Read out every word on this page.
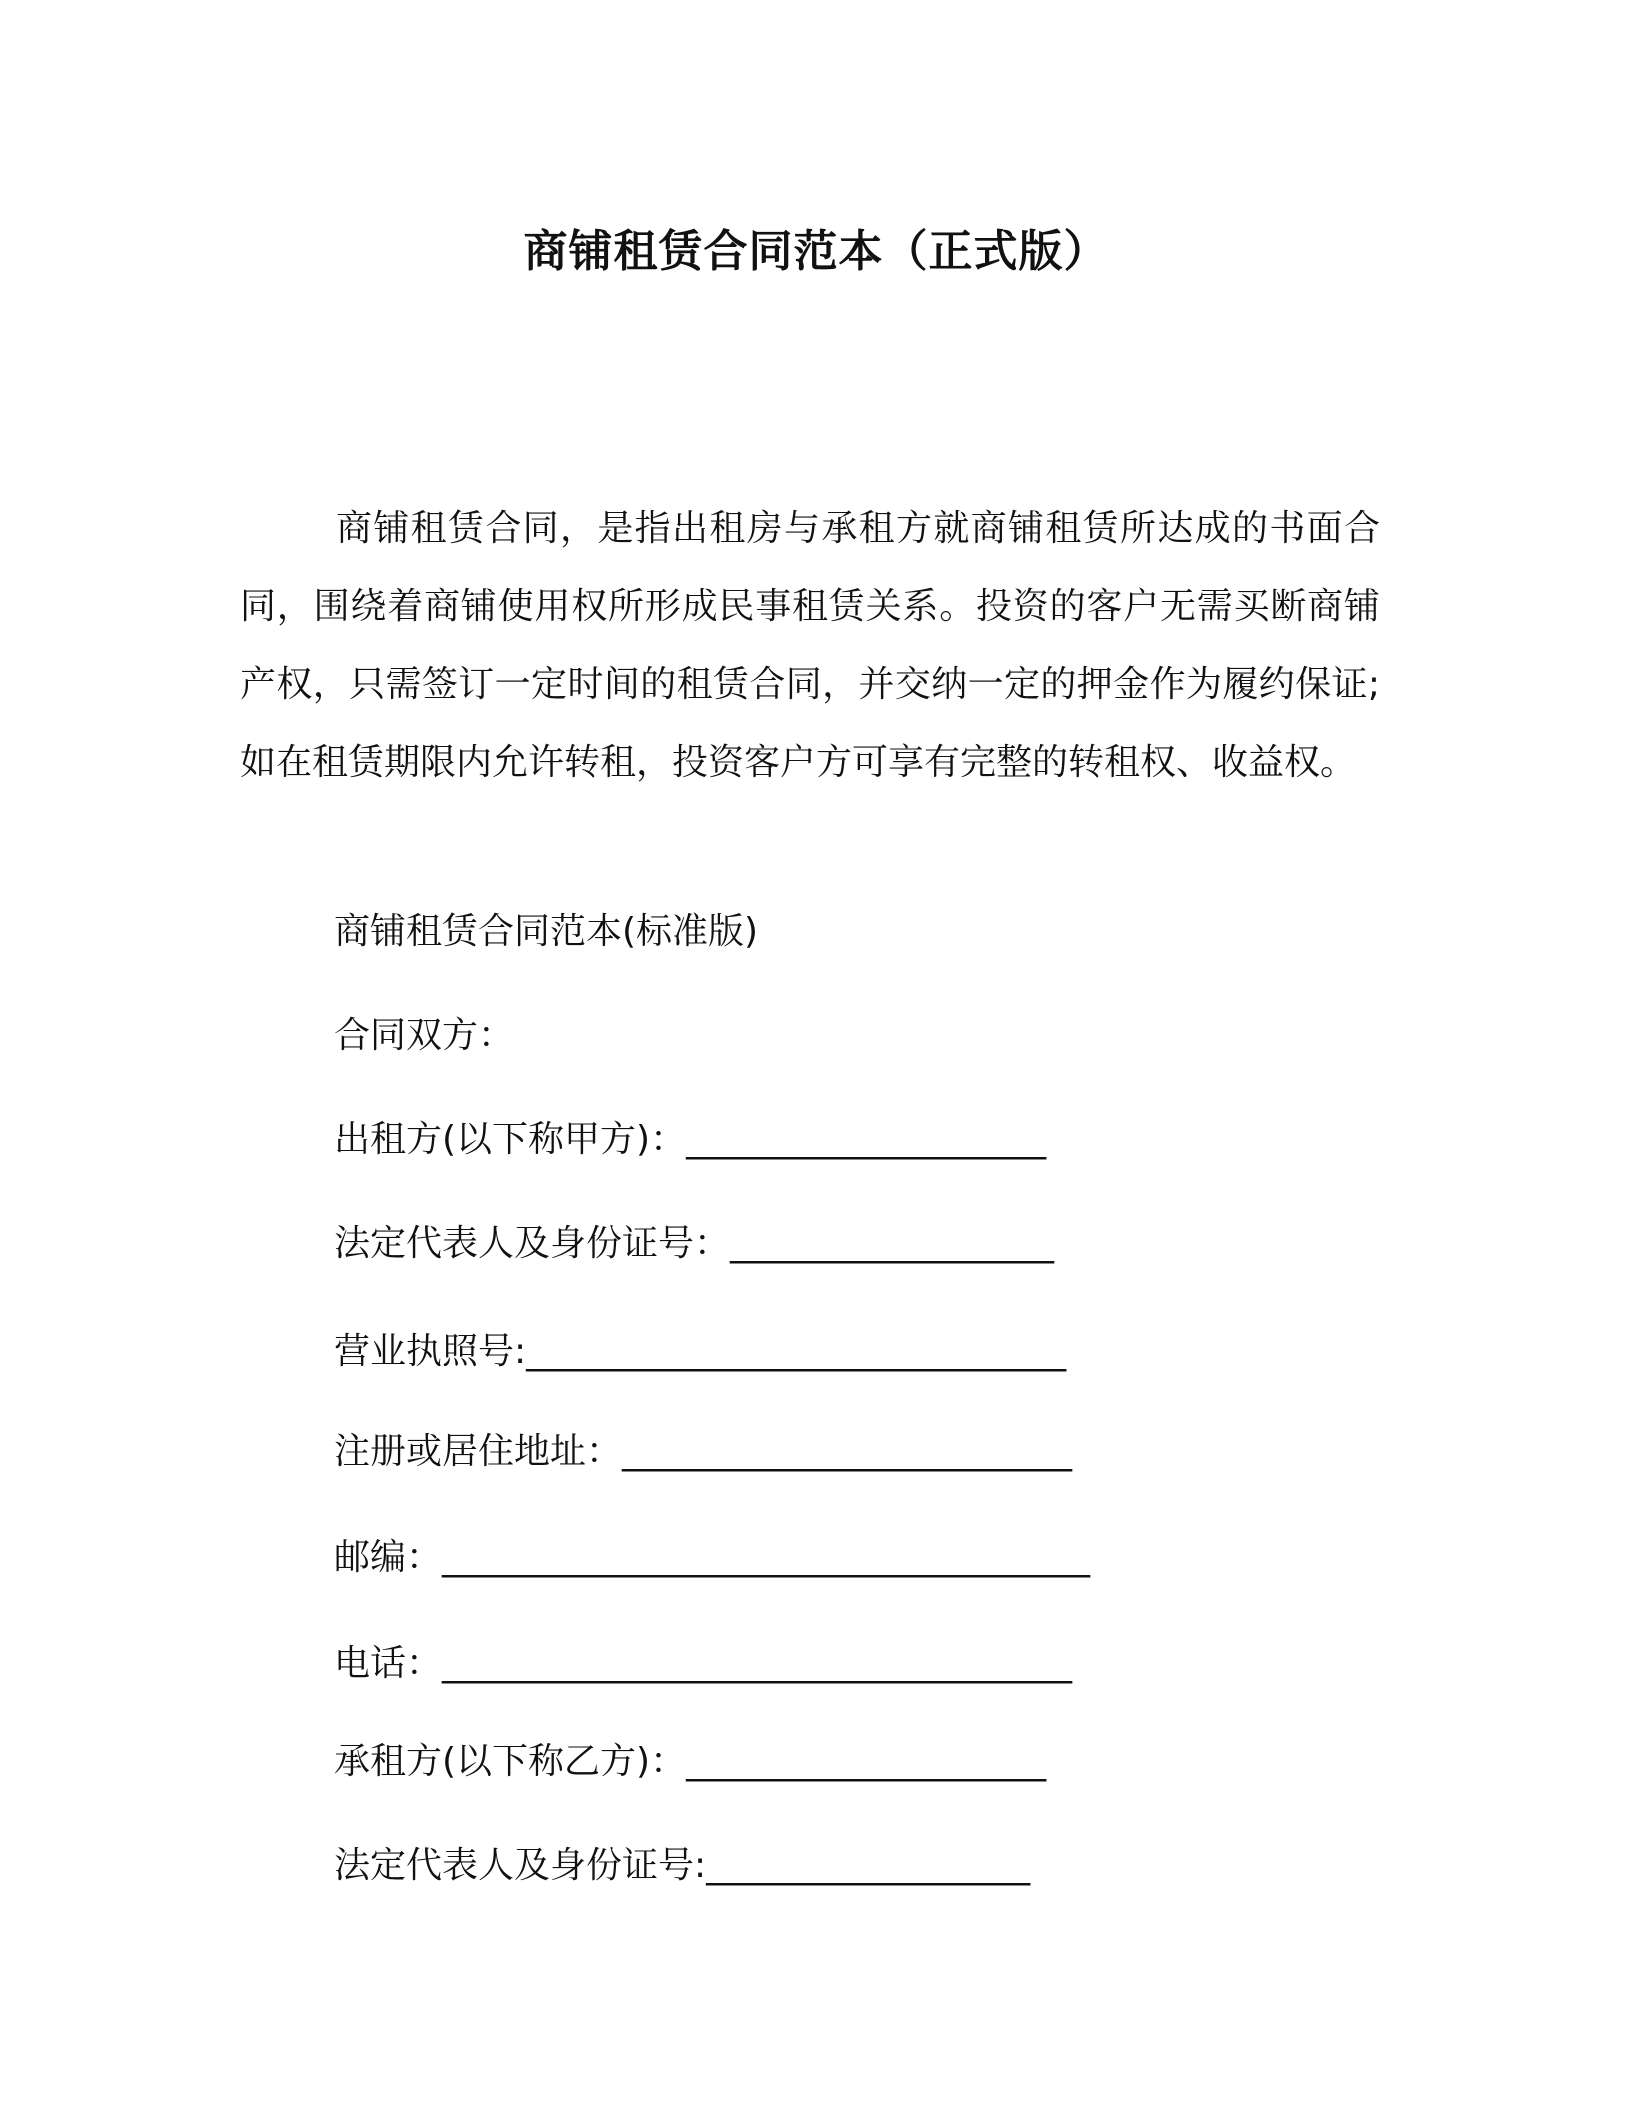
商铺租赁合同范本（正式版）

商铺租赁合同，是指出租房与承租方就商铺租赁所达成的书面合同，围绕着商铺使用权所形成民事租赁关系。投资的客户无需买断商铺产权，只需签订一定时间的租赁合同，并交纳一定的押金作为履约保证;如在租赁期限内允许转租，投资客户方可享有完整的转租权、收益权。

商铺租赁合同范本(标准版)
合同双方：
出租方(以下称甲方)：____________________
法定代表人及身份证号：__________________
营业执照号:______________________________
注册或居住地址：_________________________
邮编：____________________________________
电话：___________________________________
承租方(以下称乙方)：____________________
法定代表人及身份证号:__________________
